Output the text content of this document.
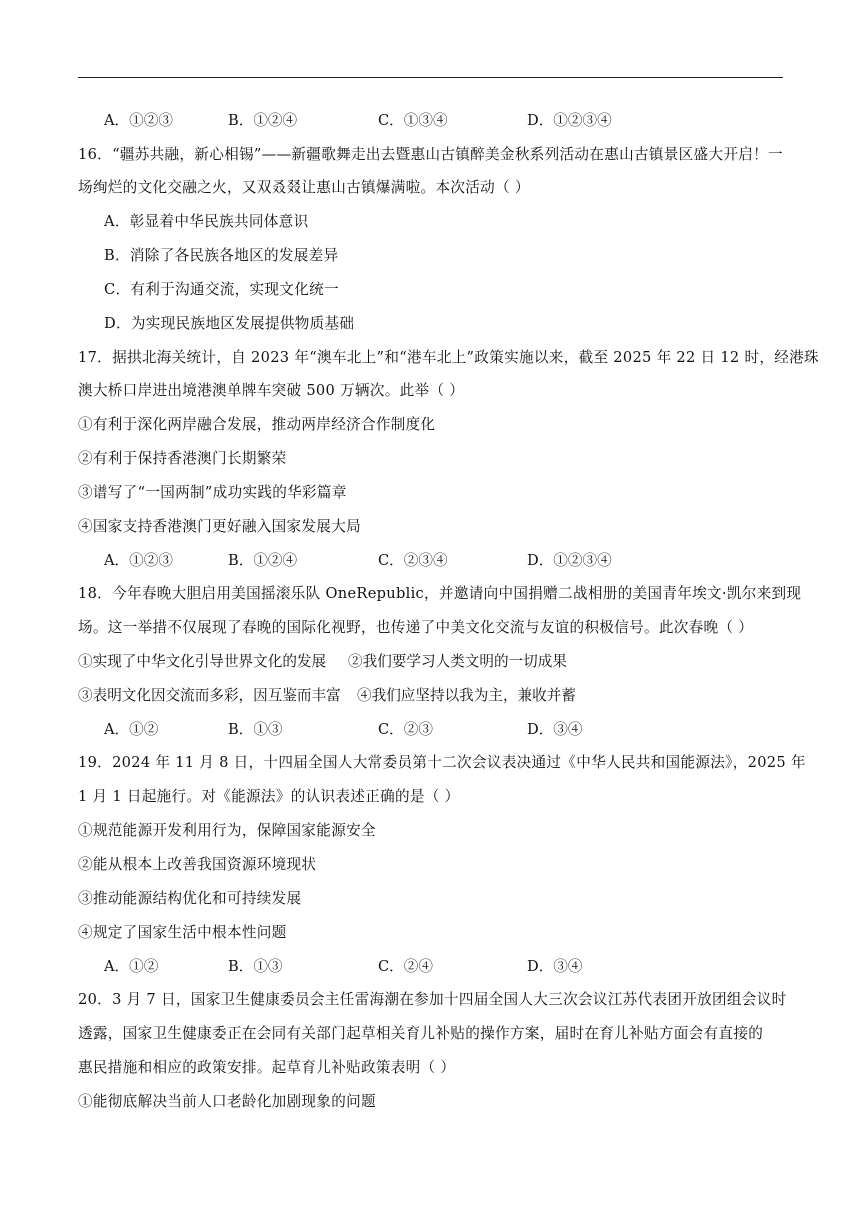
A．①②③	B．①②④	C．①③④	D．①②③④
16．“疆苏共融，新心相锡”——新疆歌舞走出去暨惠山古镇醉美金秋系列活动在惠山古镇景区盛大开启！一
场绚烂的文化交融之火，又双叒叕让惠山古镇爆满啦。本次活动（ ）
A．彰显着中华民族共同体意识
B．消除了各民族各地区的发展差异
C．有利于沟通交流，实现文化统一
D．为实现民族地区发展提供物质基础
17．据拱北海关统计，自 2023 年“澳车北上”和“港车北上”政策实施以来，截至 2025 年 22 日 12 时，经港珠
澳大桥口岸进出境港澳单牌车突破 500 万辆次。此举（ ）
①有利于深化两岸融合发展，推动两岸经济合作制度化
②有利于保持香港澳门长期繁荣
③谱写了“一国两制”成功实践的华彩篇章
④国家支持香港澳门更好融入国家发展大局
A．①②③	B．①②④	C．②③④	D．①②③④
18．今年春晚大胆启用美国摇滚乐队 OneRepublic，并邀请向中国捐赠二战相册的美国青年埃文·凯尔来到现
场。这一举措不仅展现了春晚的国际化视野，也传递了中美文化交流与友谊的积极信号。此次春晚（ ）
①实现了中华文化引导世界文化的发展 ②我们要学习人类文明的一切成果
③表明文化因交流而多彩，因互鉴而丰富 ④我们应坚持以我为主，兼收并蓄
A．①②	B．①③	C．②③	D．③④
19．2024 年 11 月 8 日，十四届全国人大常委员第十二次会议表决通过《中华人民共和国能源法》，2025 年
1 月 1 日起施行。对《能源法》的认识表述正确的是（ ）
①规范能源开发利用行为，保障国家能源安全
②能从根本上改善我国资源环境现状
③推动能源结构优化和可持续发展
④规定了国家生活中根本性问题
A．①②	B．①③	C．②④	D．③④
20．3 月 7 日，国家卫生健康委员会主任雷海潮在参加十四届全国人大三次会议江苏代表团开放团组会议时
透露，国家卫生健康委正在会同有关部门起草相关育儿补贴的操作方案，届时在育儿补贴方面会有直接的
惠民措施和相应的政策安排。起草育儿补贴政策表明（ ）
①能彻底解决当前人口老龄化加剧现象的问题
